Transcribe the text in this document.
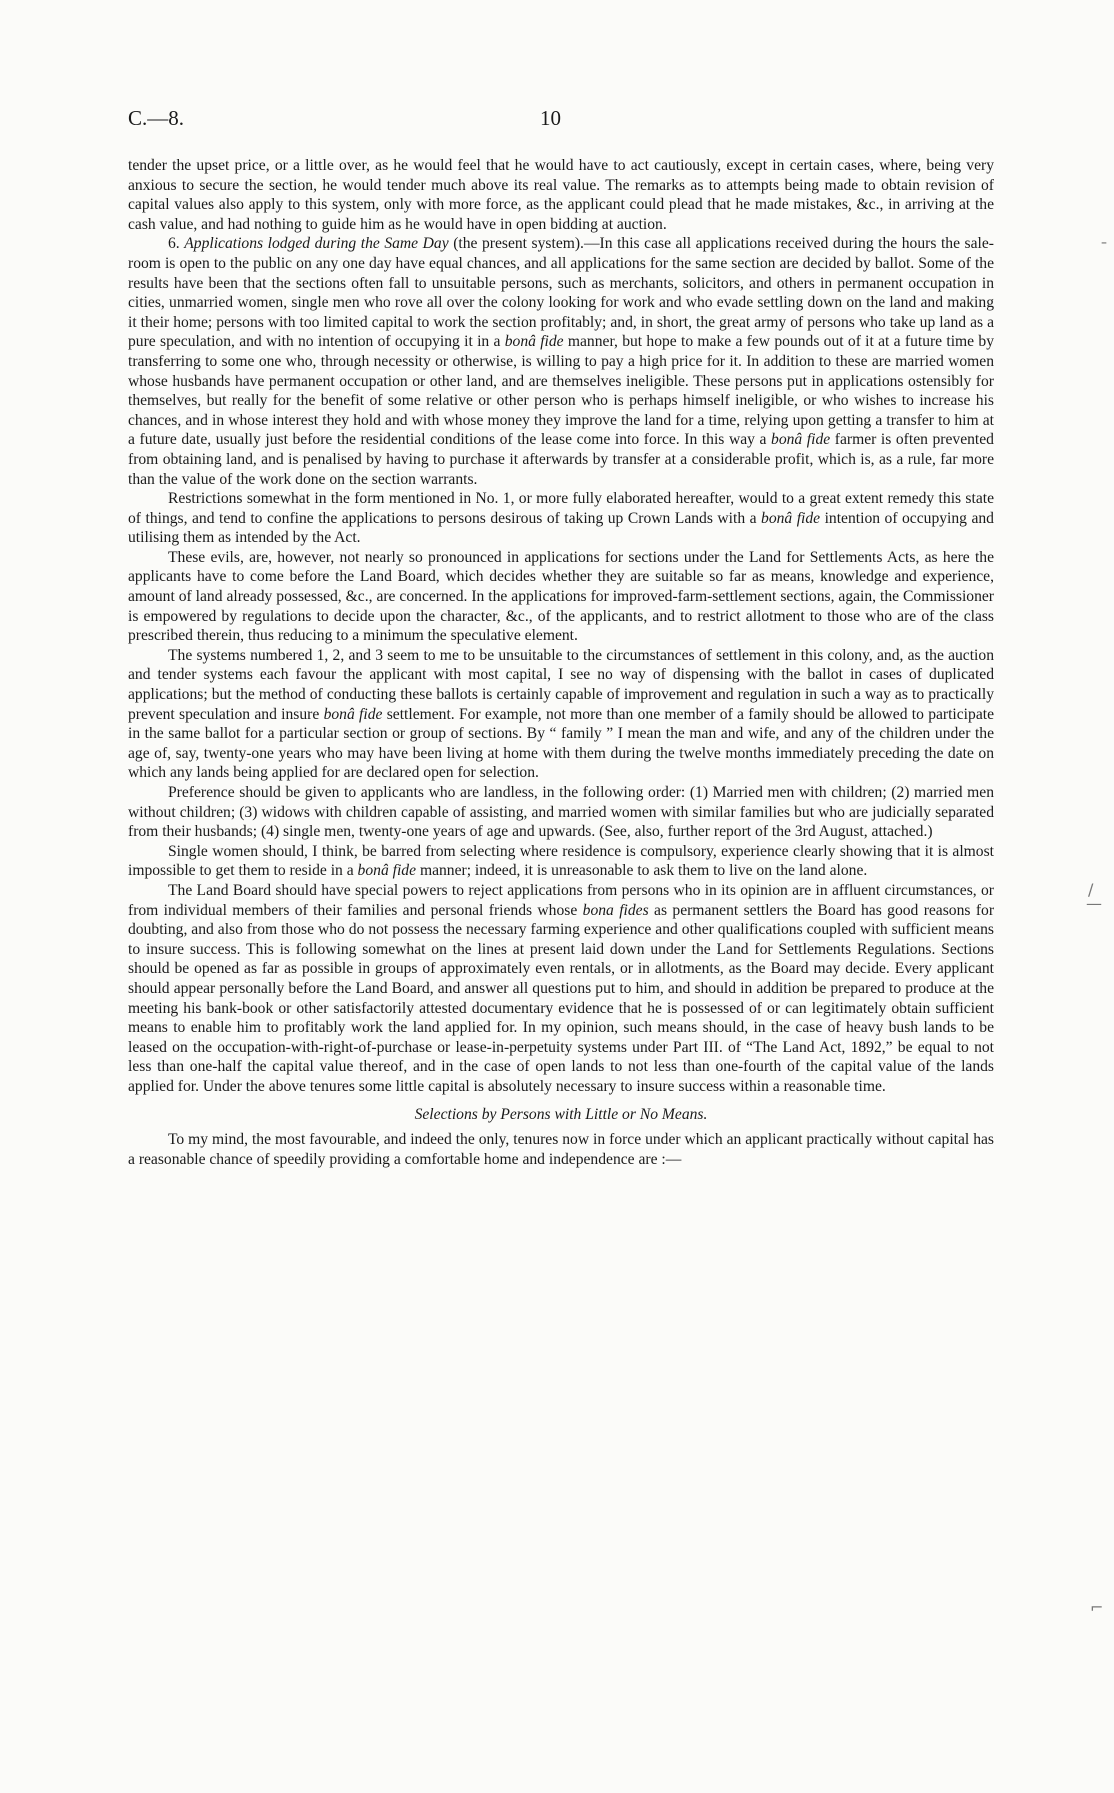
C.—8.	10

tender the upset price, or a little over, as he would feel that he would have to act cautiously, except in certain cases, where, being very anxious to secure the section, he would tender much above its real value. The remarks as to attempts being made to obtain revision of capital values also apply to this system, only with more force, as the applicant could plead that he made mistakes, &c., in arriving at the cash value, and had nothing to guide him as he would have in open bidding at auction.

6. Applications lodged during the Same Day (the present system).—In this case all applications received during the hours the sale-room is open to the public on any one day have equal chances, and all applications for the same section are decided by ballot. Some of the results have been that the sections often fall to unsuitable persons, such as merchants, solicitors, and others in permanent occupation in cities, unmarried women, single men who rove all over the colony looking for work and who evade settling down on the land and making it their home; persons with too limited capital to work the section profitably; and, in short, the great army of persons who take up land as a pure speculation, and with no intention of occupying it in a bonâ fide manner, but hope to make a few pounds out of it at a future time by transferring to some one who, through necessity or otherwise, is willing to pay a high price for it. In addition to these are married women whose husbands have permanent occupation or other land, and are themselves ineligible. These persons put in applications ostensibly for themselves, but really for the benefit of some relative or other person who is perhaps himself ineligible, or who wishes to increase his chances, and in whose interest they hold and with whose money they improve the land for a time, relying upon getting a transfer to him at a future date, usually just before the residential conditions of the lease come into force. In this way a bonâ fide farmer is often prevented from obtaining land, and is penalised by having to purchase it afterwards by transfer at a considerable profit, which is, as a rule, far more than the value of the work done on the section warrants.

Restrictions somewhat in the form mentioned in No. 1, or more fully elaborated hereafter, would to a great extent remedy this state of things, and tend to confine the applications to persons desirous of taking up Crown Lands with a bonâ fide intention of occupying and utilising them as intended by the Act.

These evils, are, however, not nearly so pronounced in applications for sections under the Land for Settlements Acts, as here the applicants have to come before the Land Board, which decides whether they are suitable so far as means, knowledge and experience, amount of land already possessed, &c., are concerned. In the applications for improved-farm-settlement sections, again, the Commissioner is empowered by regulations to decide upon the character, &c., of the applicants, and to restrict allotment to those who are of the class prescribed therein, thus reducing to a minimum the speculative element.

The systems numbered 1, 2, and 3 seem to me to be unsuitable to the circumstances of settlement in this colony, and, as the auction and tender systems each favour the applicant with most capital, I see no way of dispensing with the ballot in cases of duplicated applications; but the method of conducting these ballots is certainly capable of improvement and regulation in such a way as to practically prevent speculation and insure bonâ fide settlement. For example, not more than one member of a family should be allowed to participate in the same ballot for a particular section or group of sections. By “ family ” I mean the man and wife, and any of the children under the age of, say, twenty-one years who may have been living at home with them during the twelve months immediately preceding the date on which any lands being applied for are declared open for selection.

Preference should be given to applicants who are landless, in the following order: (1) Married men with children; (2) married men without children; (3) widows with children capable of assisting, and married women with similar families but who are judicially separated from their husbands; (4) single men, twenty-one years of age and upwards. (See, also, further report of the 3rd August, attached.)

Single women should, I think, be barred from selecting where residence is compulsory, experience clearly showing that it is almost impossible to get them to reside in a bonâ fide manner; indeed, it is unreasonable to ask them to live on the land alone.

The Land Board should have special powers to reject applications from persons who in its opinion are in affluent circumstances, or from individual members of their families and personal friends whose bona fides as permanent settlers the Board has good reasons for doubting, and also from those who do not possess the necessary farming experience and other qualifications coupled with sufficient means to insure success. This is following somewhat on the lines at present laid down under the Land for Settlements Regulations. Sections should be opened as far as possible in groups of approximately even rentals, or in allotments, as the Board may decide. Every applicant should appear personally before the Land Board, and answer all questions put to him, and should in addition be prepared to produce at the meeting his bank-book or other satisfactorily attested documentary evidence that he is possessed of or can legitimately obtain sufficient means to enable him to profitably work the land applied for. In my opinion, such means should, in the case of heavy bush lands to be leased on the occupation-with-right-of-purchase or lease-in-perpetuity systems under Part III. of “The Land Act, 1892,” be equal to not less than one-half the capital value thereof, and in the case of open lands to not less than one-fourth of the capital value of the lands applied for. Under the above tenures some little capital is absolutely necessary to insure success within a reasonable time.

Selections by Persons with Little or No Means.

To my mind, the most favourable, and indeed the only, tenures now in force under which an applicant practically without capital has a reasonable chance of speedily providing a comfortable home and independence are :—

ˍ
/
—
⌐
